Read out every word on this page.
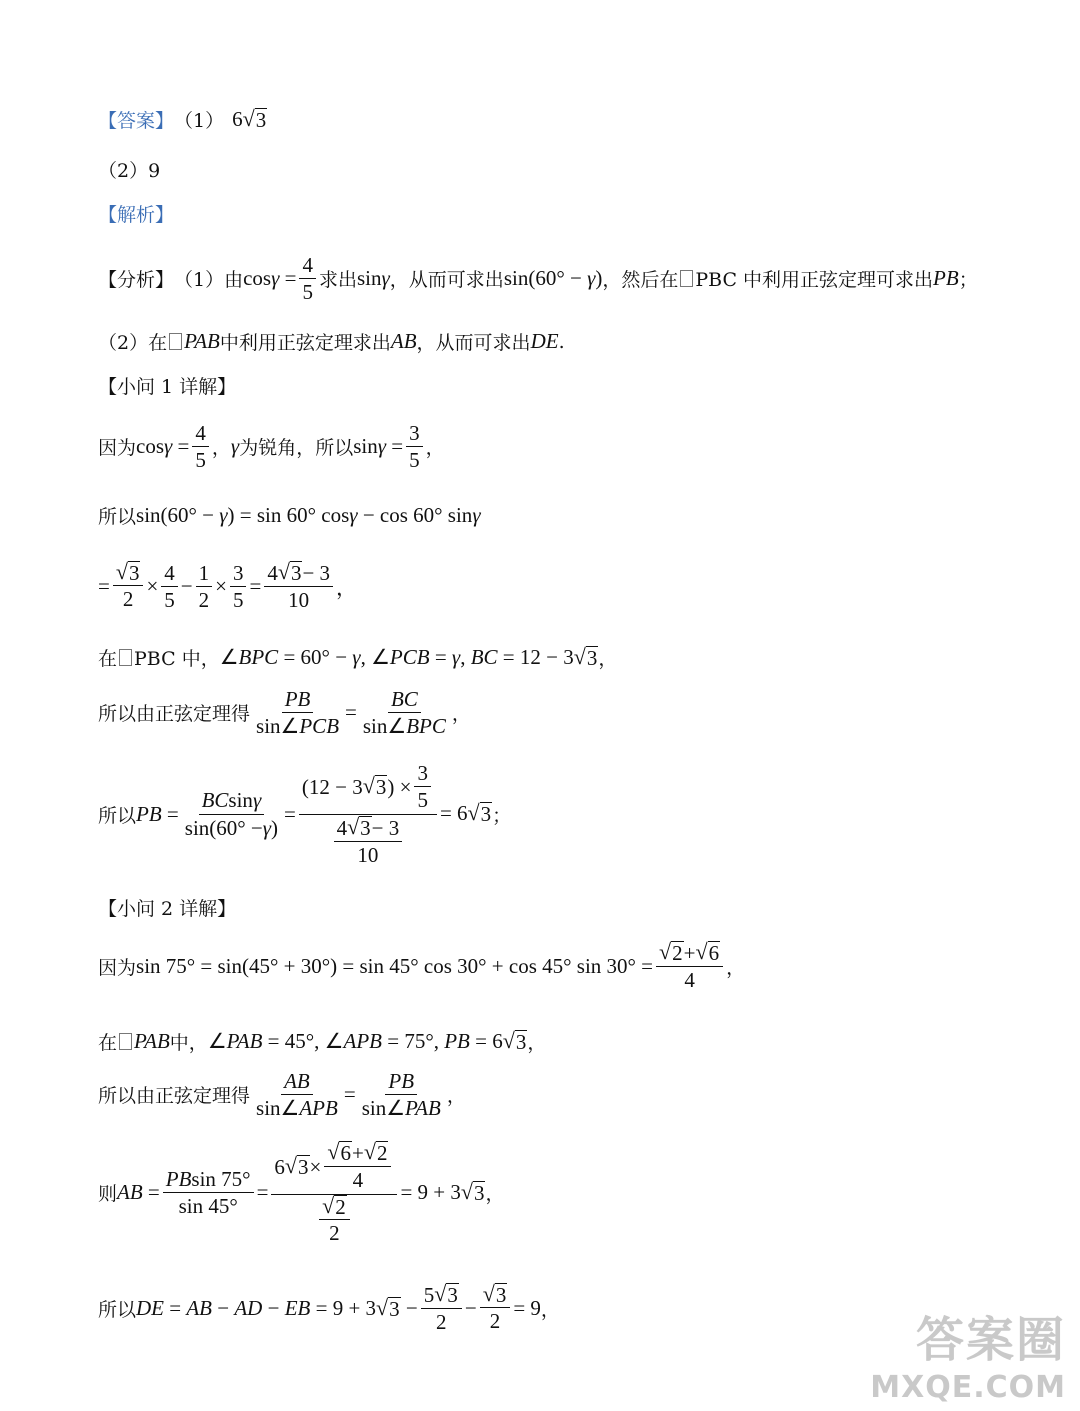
【答案】 （1） 6 √ 3
（2）9
【解析】
【分析】 （1）由 $\cos\gamma = \frac{4}{5}$ 求出 sinγ ，从而可求出 sin(60° − γ) ，然后在 PBC 中利用正弦定理可求出 PB ；
（2）在 PAB 中利用正弦定理求出 AB ，从而可求出 DE .
【小问 1 详解】
因为 $\cos\gamma = \frac{4}{5}$ ， γ 为锐角，所以 $\sin\gamma = \frac{3}{5}$ ，
所以 sin(60° − γ) = sin 60° cosγ − cos 60° sinγ
= $\frac{√ 3}{2} \times \frac{4}{5} - \frac{1}{2} \times \frac{3}{5} = \frac{4 √ 3 - 3}{10}$ ，
在 PBC 中， ∠BPC = 60° − γ, ∠PCB = γ, BC = 12 − 3 √ 3 ，
所以由正弦定理得 $\frac{PB}{\text{sin∠ PCB}} = \frac{BC}{\text{sin∠ BPC}}$ ，
所以 PB = $\frac{\text{BC sin γ}}{\sin(60^\circ - \gamma )} = \frac{(12 - 3 √ 3 ) \times \frac{3}{5}}{\frac{4 √ 3 - 3}{10}} = 6$ √ 3 ；
【小问 2 详解】
因为 sin 75° = sin(45° + 30°) = sin 45° cos 30° + cos 45° $\sin 30^\circ = \frac{√ 2 + √ 6}{4}$ ，
在 PAB 中， ∠PAB = 45°, ∠APB = 75°, PB = 6 √ 3 ，
所以由正弦定理得 $\frac{AB}{\text{sin∠ APB}} = \frac{PB}{\text{sin∠ PAB}}$ ，
则 AB = $\frac{\text{PB sin 75°}}{\sin 45^\circ} = \frac{6 √ 3 \times \frac{√ 6 + √ 2}{4}}{\frac{√ 2}{2}} = 9 + 3$ √ 3 ，
所以 DE = AB − AD − EB = 9 + 3 √ $3 - \frac{5 √ 3}{2} - \frac{√ 3}{2} = 9$ ，
答案圈
MXQE.COM
